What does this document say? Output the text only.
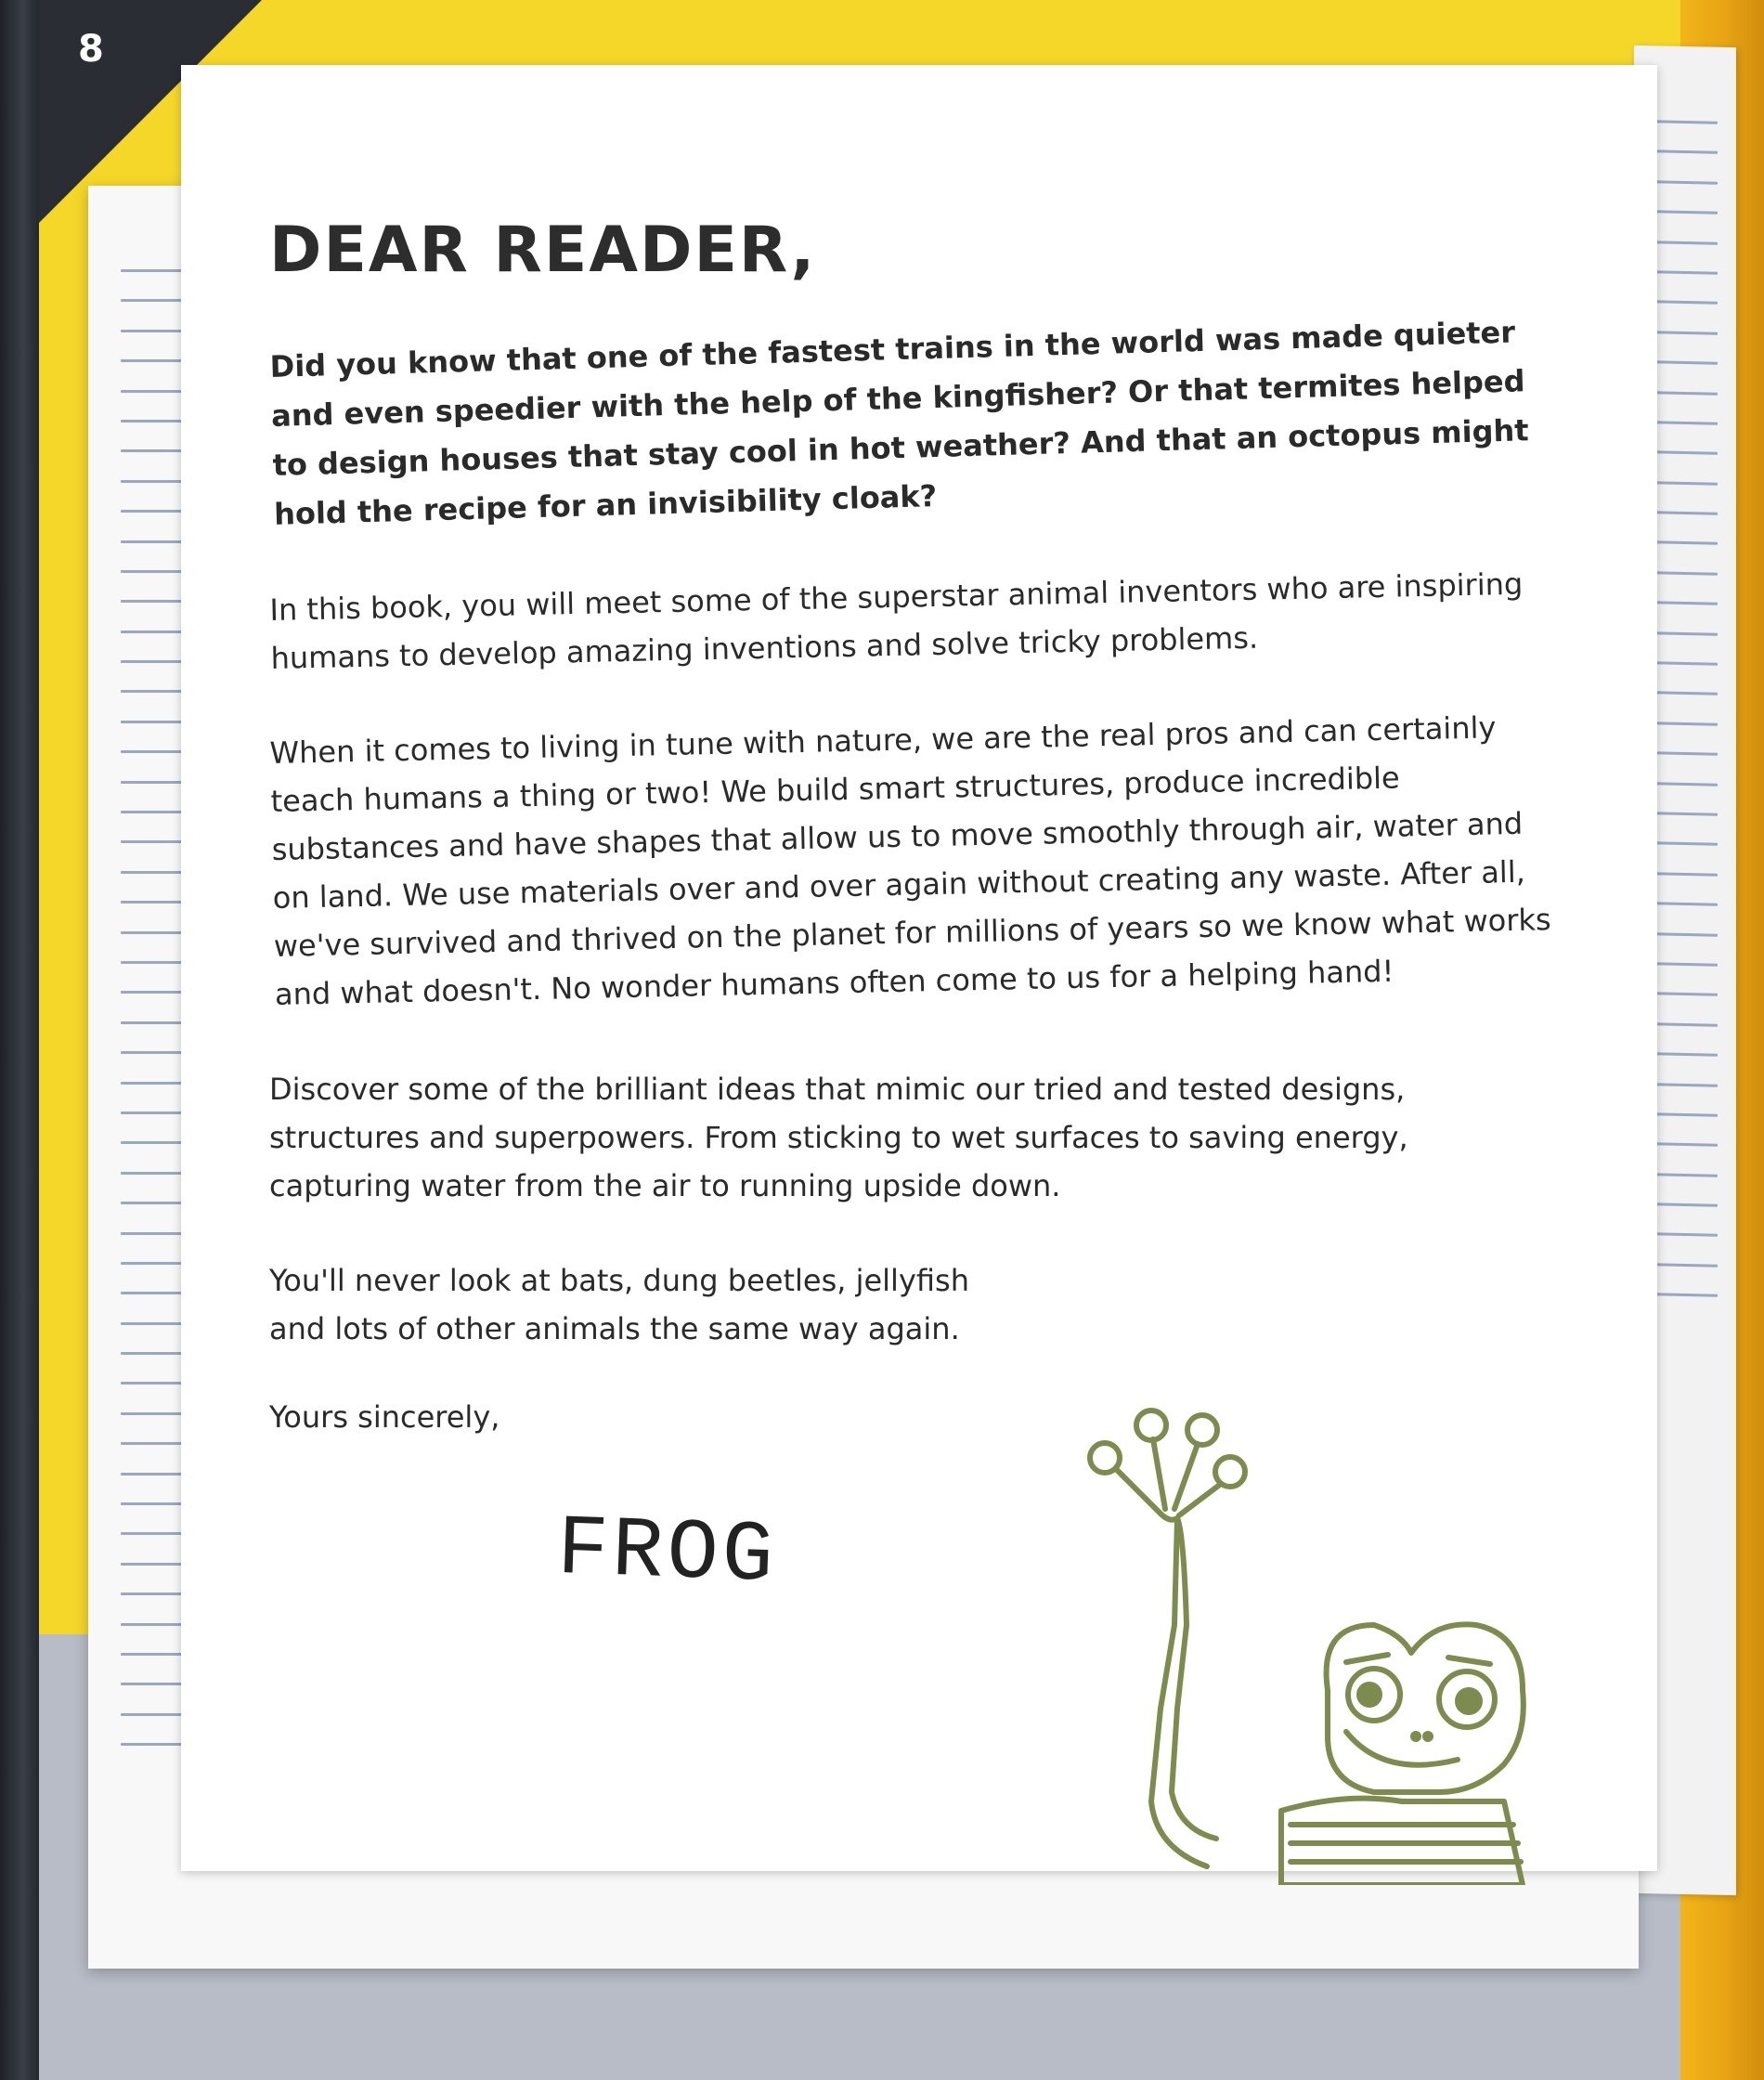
8
DEAR READER,

Did you know that one of the fastest trains in the world was made quieter and even speedier with the help of the kingfisher? Or that termites helped to design houses that stay cool in hot weather? And that an octopus might hold the recipe for an invisibility cloak?

In this book, you will meet some of the superstar animal inventors who are inspiring humans to develop amazing inventions and solve tricky problems.

When it comes to living in tune with nature, we are the real pros and can certainly teach humans a thing or two! We build smart structures, produce incredible substances and have shapes that allow us to move smoothly through air, water and on land. We use materials over and over again without creating any waste. After all, we've survived and thrived on the planet for millions of years so we know what works and what doesn't. No wonder humans often come to us for a helping hand!

Discover some of the brilliant ideas that mimic our tried and tested designs, structures and superpowers. From sticking to wet surfaces to saving energy, capturing water from the air to running upside down.

You'll never look at bats, dung beetles, jellyfish and lots of other animals the same way again.

Yours sincerely,

FROG
